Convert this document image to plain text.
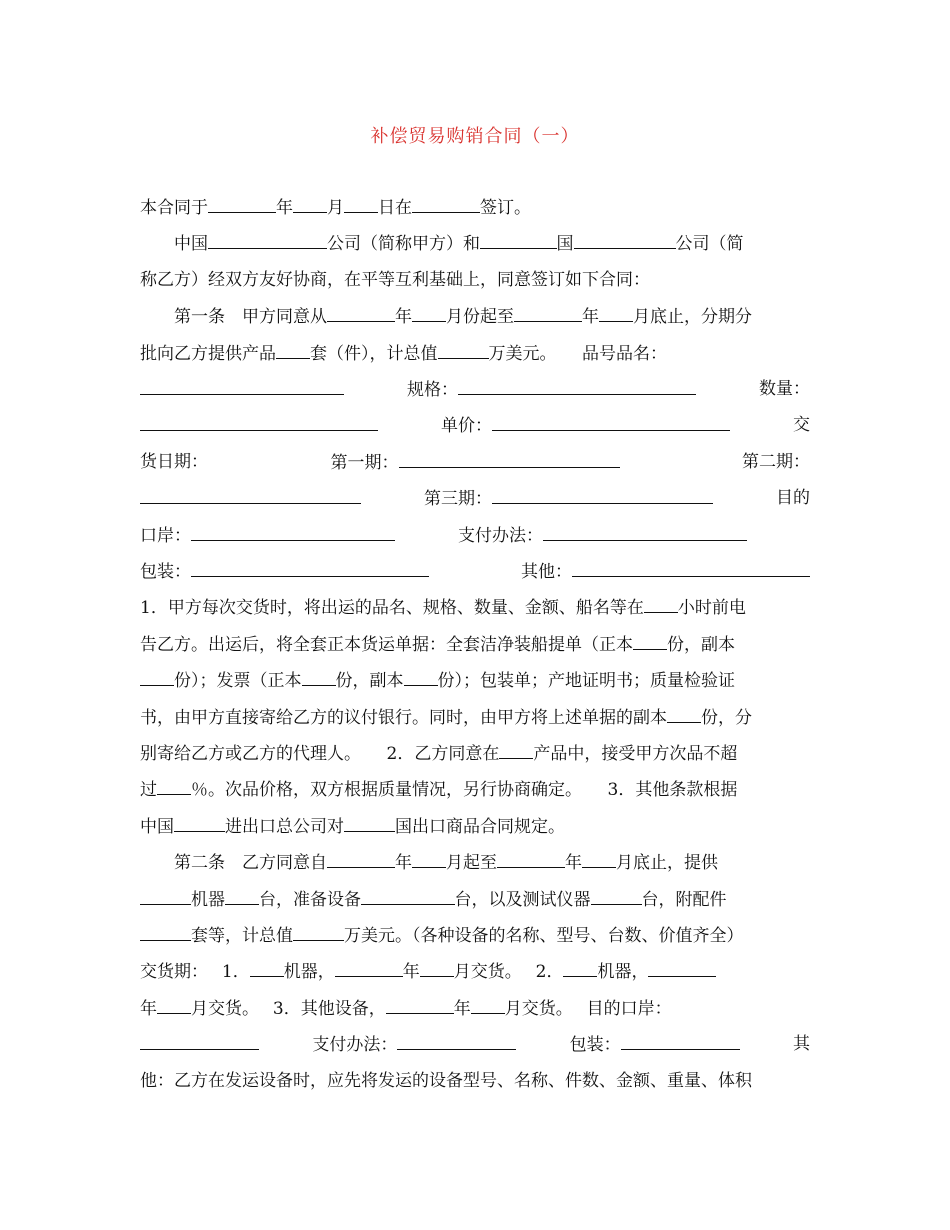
补偿贸易购销合同（一）
本合同于	年 月 日在	签订。
　　中国	公司（简称甲方）和	国	公司（简
称乙方）经双方友好协商，在平等互利基础上，同意签订如下合同：
　　第一条　甲方同意从	年 月份起至	年 月底止，分期分
批向乙方提供产品 套（件），计总值	万美元。　　品号品名：
规格：	数量：
单价：	交
货日期：	第一期：	第二期：
第三期：	目的
口岸：	支付办法：
包装：	其他：
1．甲方每次交货时，将出运的品名、规格、数量、金额、船名等在 小时前电
告乙方。出运后，将全套正本货运单据：全套洁净装船提单（正本 份，副本
份）；发票（正本 份，副本 份）；包装单；产地证明书；质量检验证
书，由甲方直接寄给乙方的议付银行。同时，由甲方将上述单据的副本 份，分
别寄给乙方或乙方的代理人。　　2．乙方同意在 产品中，接受甲方次品不超
过 ％。次品价格，双方根据质量情况，另行协商确定。　　3．其他条款根据
中国	进出口总公司对	国出口商品合同规定。
　　第二条　乙方同意自	年 月起至	年 月底止，提供
机器 台，准备设备	台，以及测试仪器	台，附配件
套等，计总值	万美元。（各种设备的名称、型号、台数、价值齐全）
交货期：　 1． 机器，	年 月交货。　 2． 机器，
年 月交货。　 3．其他设备，	年 月交货。　 目的口岸：
支付办法：	包装：	其
他：乙方在发运设备时，应先将发运的设备型号、名称、件数、金额、重量、体积
